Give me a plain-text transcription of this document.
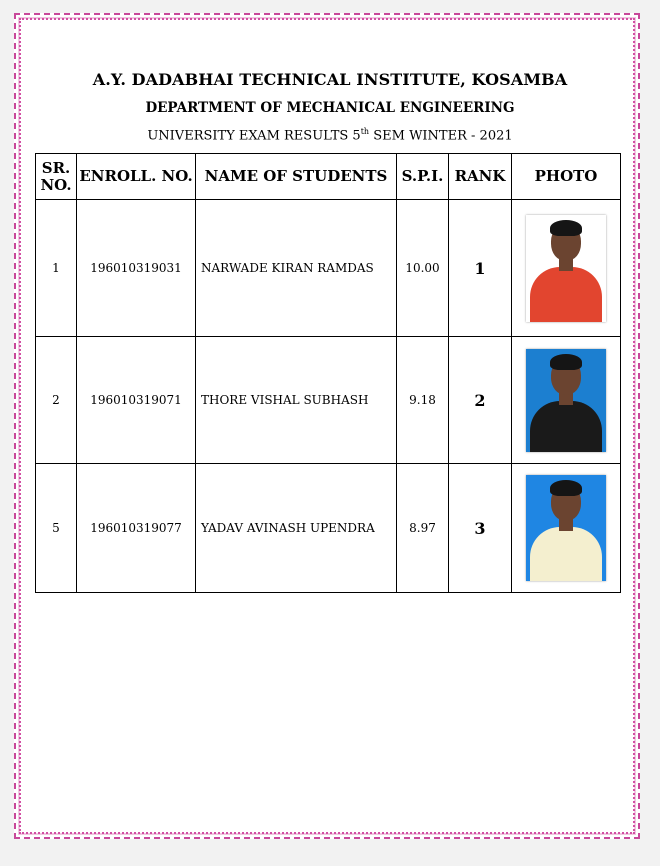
A.Y. DADABHAI TECHNICAL INSTITUTE, KOSAMBA
DEPARTMENT OF MECHANICAL ENGINEERING
UNIVERSITY EXAM RESULTS 5th SEM WINTER - 2021
SR.
NO.	ENROLL. NO.	NAME OF STUDENTS	S.P.I.	RANK	PHOTO
1	196010319031	NARWADE KIRAN RAMDAS	10.00	1	

2	196010319071	THORE VISHAL SUBHASH	9.18	2	

5	196010319077	YADAV AVINASH UPENDRA	8.97	3	
